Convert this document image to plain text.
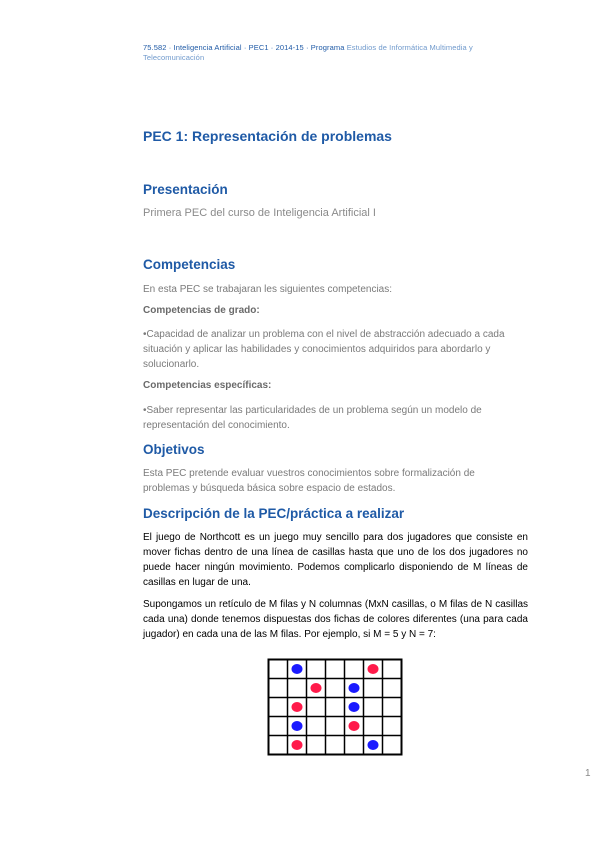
75.582 · Inteligencia Artificial · PEC1 · 2014-15 · Programa Estudios de Informática Multimedia y
Telecomunicación
PEC 1: Representación de problemas
Presentación
Primera PEC del curso de Inteligencia Artificial I
Competencias
En esta PEC se trabajaran les siguientes competencias:
Competencias de grado:
•Capacidad de analizar un problema con el nivel de abstracción adecuado a cada situación y aplicar las habilidades y conocimientos adquiridos para abordarlo y solucionarlo.
Competencias específicas:
•Saber representar las particularidades de un problema según un modelo de representación del conocimiento.
Objetivos
Esta PEC pretende evaluar vuestros conocimientos sobre formalización de problemas y búsqueda básica sobre espacio de estados.
Descripción de la PEC/práctica a realizar
El juego de Northcott es un juego muy sencillo para dos jugadores que consiste en mover fichas dentro de una línea de casillas hasta que uno de los dos jugadores no puede hacer ningún movimiento. Podemos complicarlo disponiendo de M líneas de casillas en lugar de una.
Supongamos un retículo de M filas y N columnas (MxN casillas, o M filas de N casillas cada una) donde tenemos dispuestas dos fichas de colores diferentes (una para cada jugador) en cada una de las M filas. Por ejemplo, si M = 5 y N = 7:
1
